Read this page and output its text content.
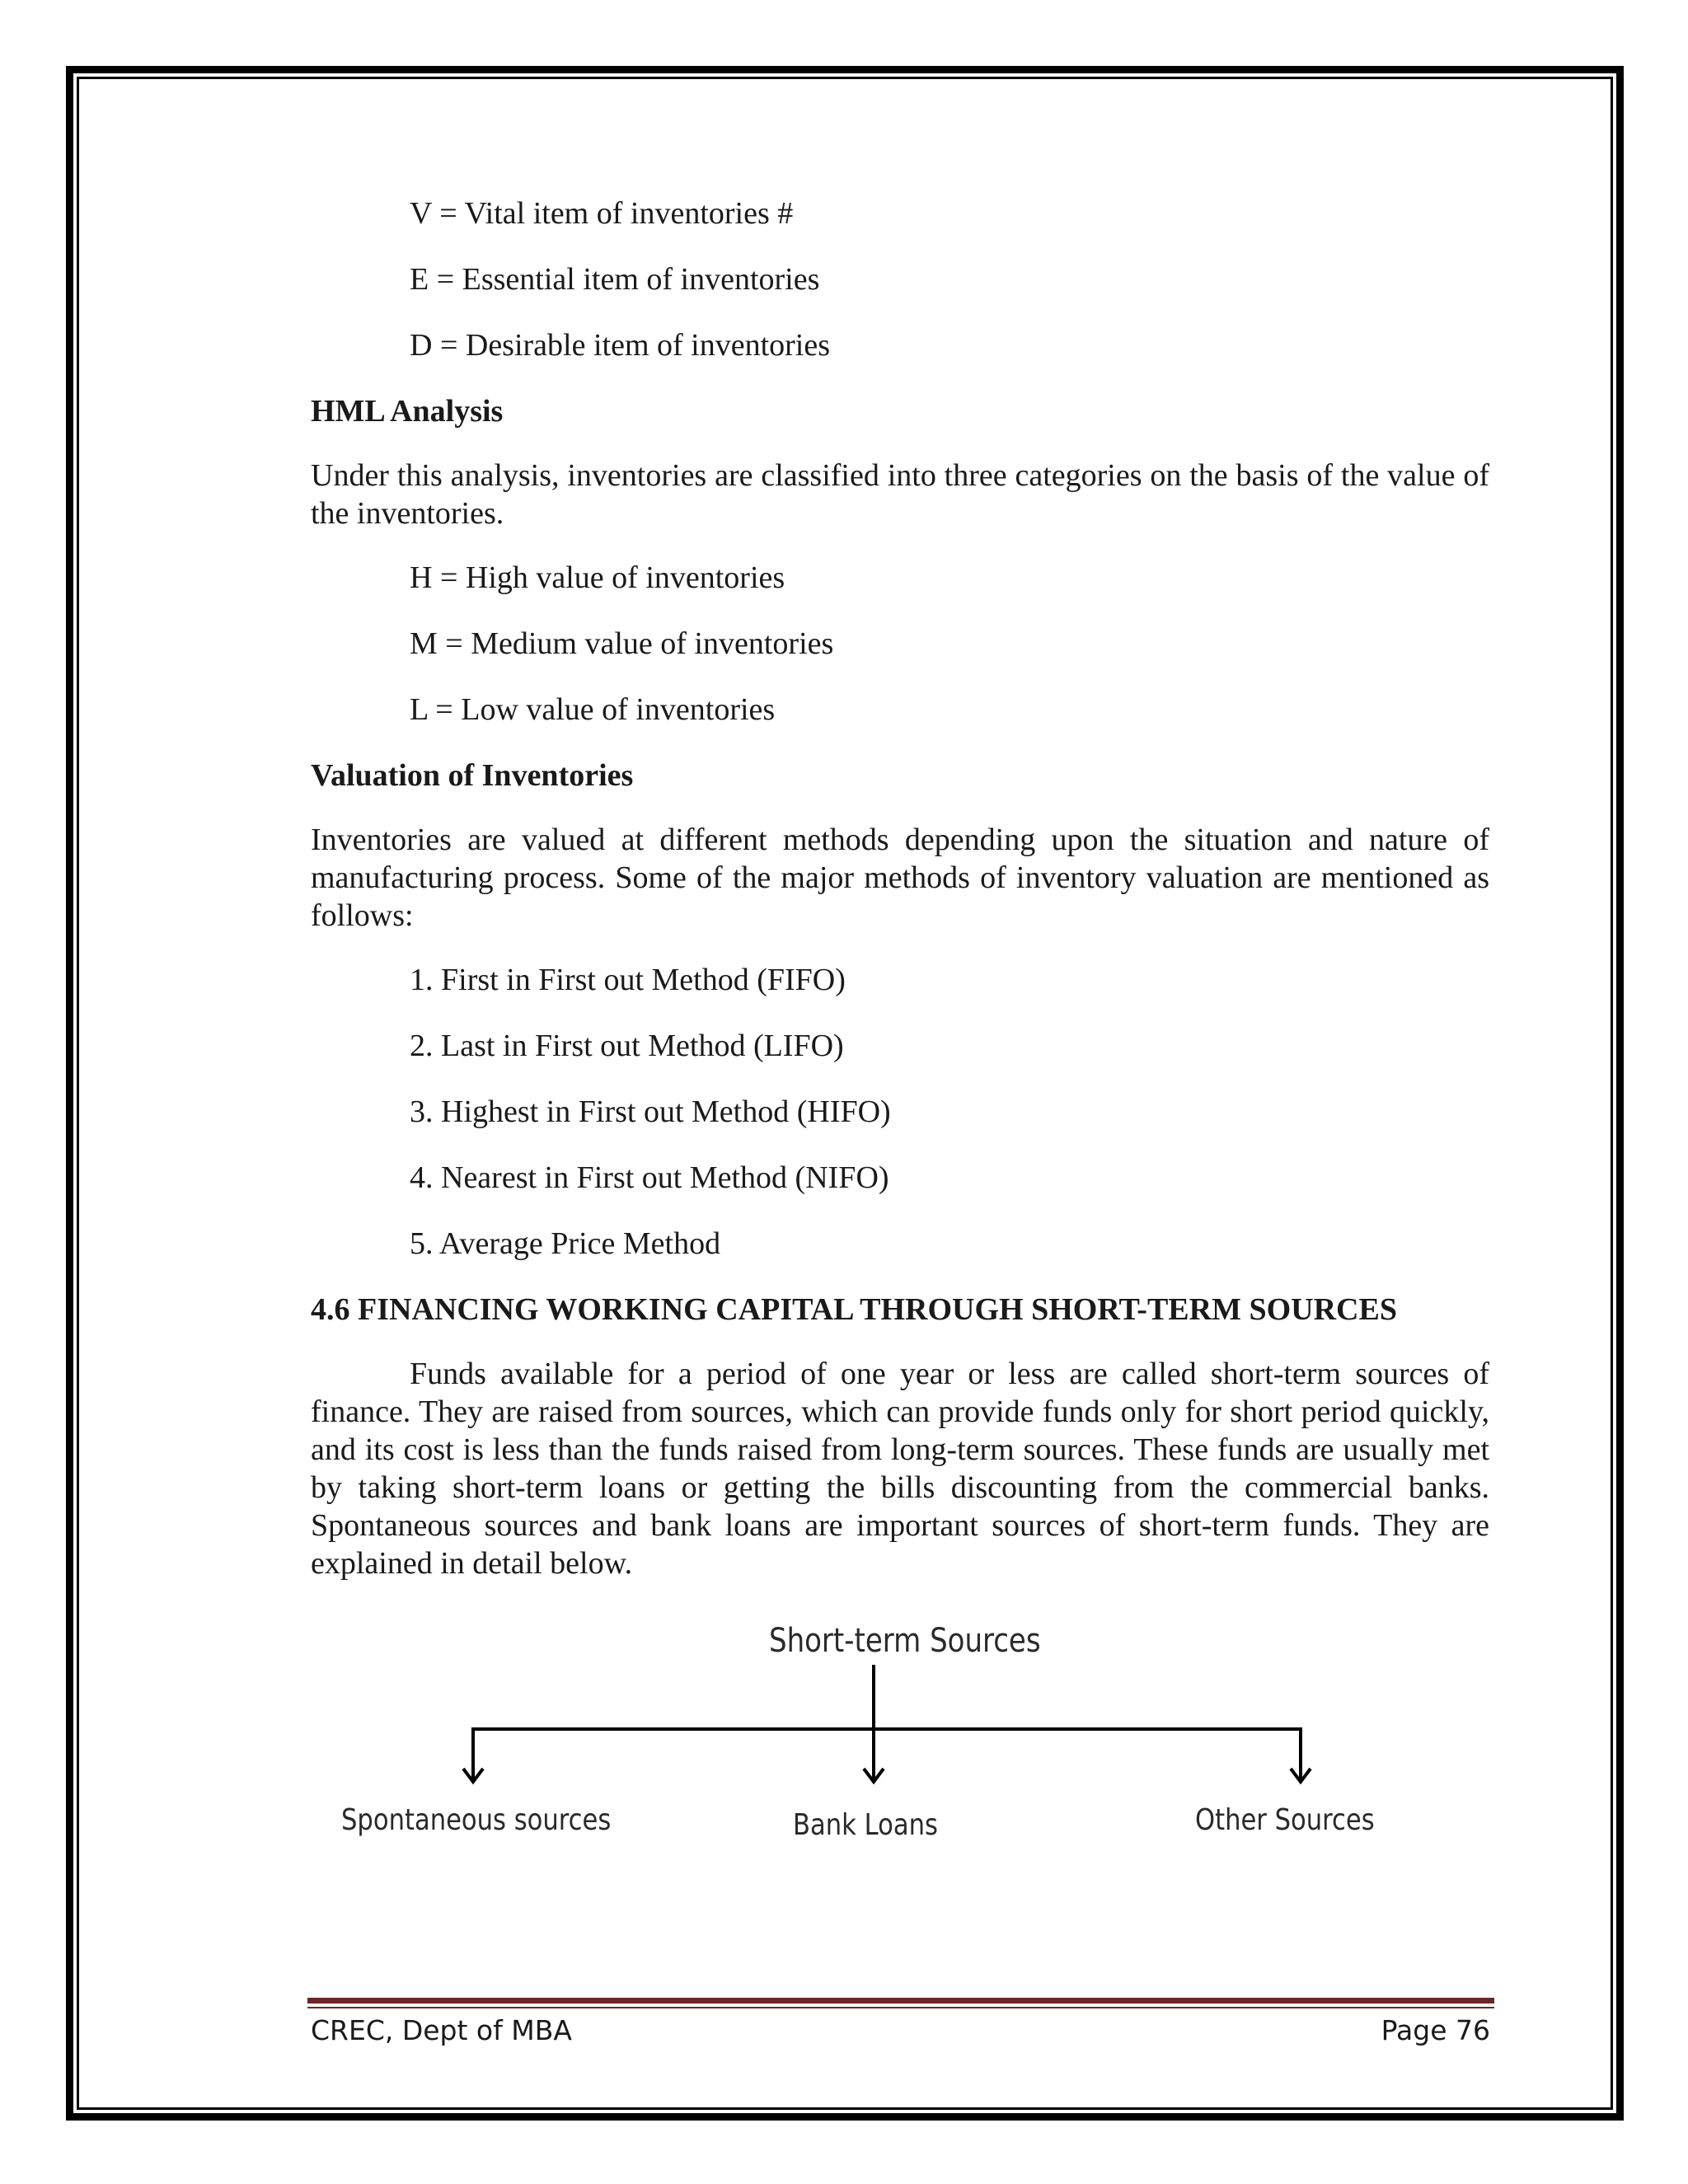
V = Vital item of inventories #
E = Essential item of inventories
D = Desirable item of inventories
HML Analysis
Under this analysis, inventories are classified into three categories on the basis of the value of the inventories.
H = High value of inventories
M = Medium value of inventories
L = Low value of inventories
Valuation of Inventories
Inventories are valued at different methods depending upon the situation and nature of manufacturing process. Some of the major methods of inventory valuation are mentioned as follows:
1. First in First out Method (FIFO)
2. Last in First out Method (LIFO)
3. Highest in First out Method (HIFO)
4. Nearest in First out Method (NIFO)
5. Average Price Method
4.6 FINANCING WORKING CAPITAL THROUGH SHORT-TERM SOURCES
Funds available for a period of one year or less are called short-term sources of finance. They are raised from sources, which can provide funds only for short period quickly, and its cost is less than the funds raised from long-term sources. These funds are usually met by taking short-term loans or getting the bills discounting from the commercial banks. Spontaneous sources and bank loans are important sources of short-term funds. They are explained in detail below.
Short-term Sources
Spontaneous sources	Bank Loans	Other Sources
CREC, Dept of MBA	Page 76
